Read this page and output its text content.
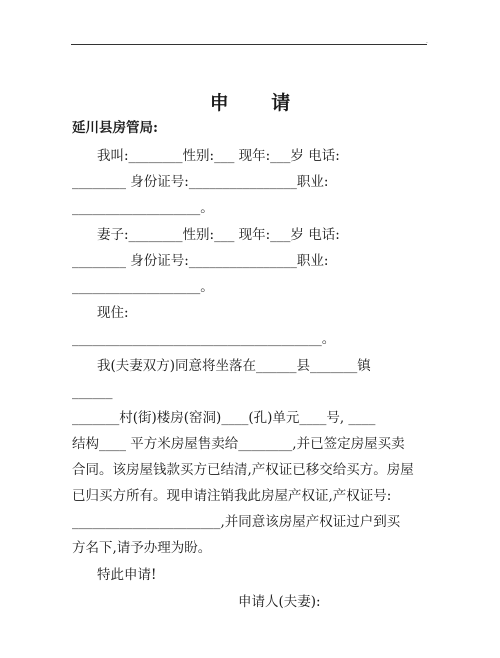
.
申 请
延川县房管局:
我叫:________性别:___ 现年:___岁 电话:
________ 身份证号:________________职业:
___________________。
妻子:________性别:___ 现年:___岁 电话:
________ 身份证号:________________职业:
___________________。
现住:
_____________________________________。
我(夫妻双方)同意将坐落在______县_______镇
______
_______村(街)楼房(窑洞)____(孔)单元____号, ____
结构____ 平方米房屋售卖给________,并已签定房屋买卖
合同。该房屋钱款买方已结清,产权证已移交给买方。房屋
已归买方所有。现申请注销我此房屋产权证,产权证号:
______________________,并同意该房屋产权证过户到买
方名下,请予办理为盼。
特此申请!
申请人(夫妻):
